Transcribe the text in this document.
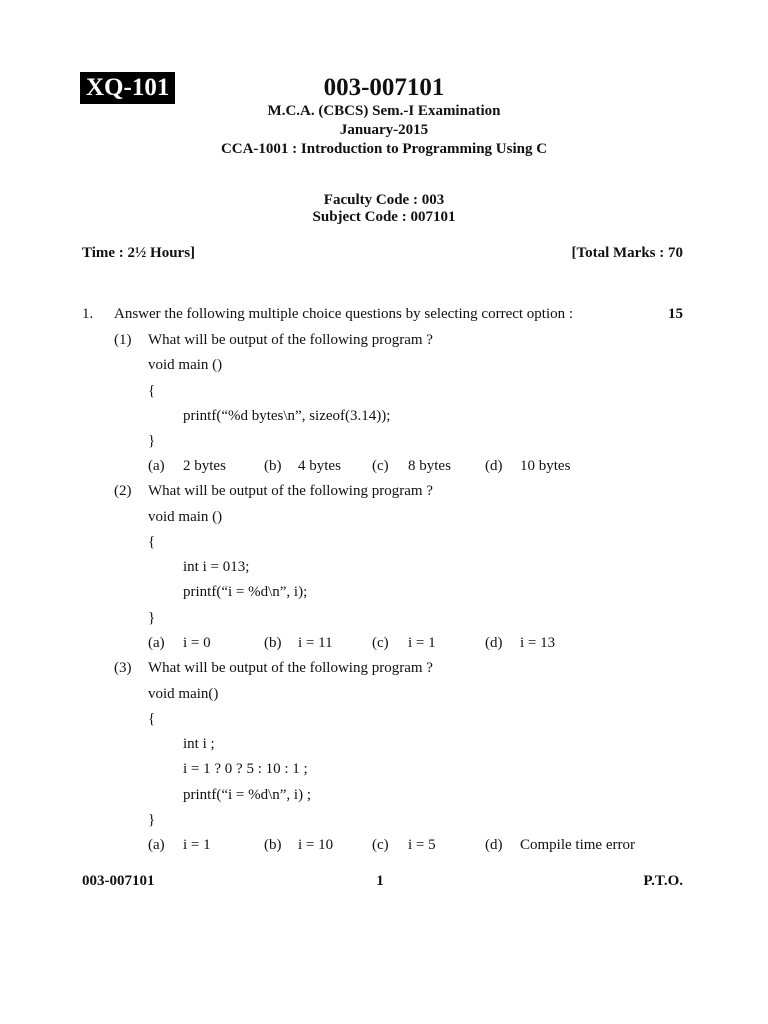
XQ-101	003-007101
M.C.A. (CBCS) Sem.-I Examination
January-2015
CCA-1001 : Introduction to Programming Using C
Faculty Code : 003
Subject Code : 007101
Time : 2½ Hours]	[Total Marks : 70
1. Answer the following multiple choice questions by selecting correct option :	15
(1) What will be output of the following program ?
void main ()
{
printf(“%d bytes\n”, sizeof(3.14));
}
(a) 2 bytes	(b) 4 bytes (c) 8 bytes (d) 10 bytes
(2) What will be output of the following program ?
void main ()
{
int i = 013;
printf(“i = %d\n”, i);
}
(a) i = 0	(b) i = 11	(c) i = 1	(d) i = 13
(3) What will be output of the following program ?
void main()
{
int i ;
i = 1 ? 0 ? 5 : 10 : 1 ;
printf(“i = %d\n”, i) ;
}
(a) i = 1	(b) i = 10	(c) i = 5	(d) Compile time error
003-007101	1	P.T.O.
